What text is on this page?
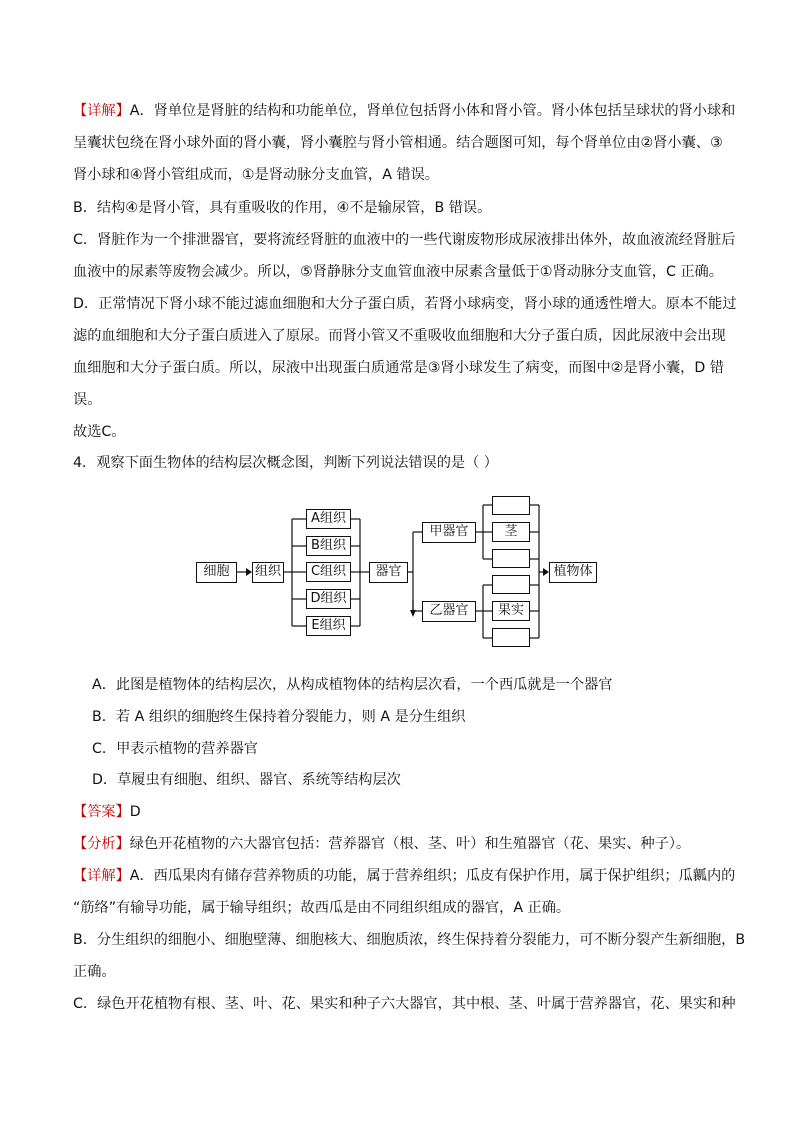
【详解】A．肾单位是肾脏的结构和功能单位，肾单位包括肾小体和肾小管。肾小体包括呈球状的肾小球和
呈囊状包绕在肾小球外面的肾小囊，肾小囊腔与肾小管相通。结合题图可知，每个肾单位由②肾小囊、③
肾小球和④肾小管组成而，①是肾动脉分支血管，A 错误。
B．结构④是肾小管，具有重吸收的作用，④不是输尿管，B 错误。
C．肾脏作为一个排泄器官，要将流经肾脏的血液中的一些代谢废物形成尿液排出体外，故血液流经肾脏后
血液中的尿素等废物会减少。所以，⑤肾静脉分支血管血液中尿素含量低于①肾动脉分支血管，C 正确。
D．正常情况下肾小球不能过滤血细胞和大分子蛋白质，若肾小球病变，肾小球的通透性增大。原本不能过
滤的血细胞和大分子蛋白质进入了原尿。而肾小管又不重吸收血细胞和大分子蛋白质，因此尿液中会出现
血细胞和大分子蛋白质。所以，尿液中出现蛋白质通常是③肾小球发生了病变，而图中②是肾小囊，D 错
误。
故选C。
4．观察下面生物体的结构层次概念图，判断下列说法错误的是（ ）
细胞	组织
A组织
B组织
C组织
D组织
E组织
器官
甲器官
乙器官
茎
果实
植物体
A．此图是植物体的结构层次，从构成植物体的结构层次看，一个西瓜就是一个器官
B．若 A 组织的细胞终生保持着分裂能力，则 A 是分生组织
C．甲表示植物的营养器官
D．草履虫有细胞、组织、器官、系统等结构层次
【答案】D
【分析】绿色开花植物的六大器官包括：营养器官（根、茎、叶）和生殖器官（花、果实、种子）。
【详解】A．西瓜果肉有储存营养物质的功能，属于营养组织；瓜皮有保护作用，属于保护组织；瓜瓤内的
“筋络”有输导功能，属于输导组织；故西瓜是由不同组织组成的器官，A 正确。
B．分生组织的细胞小、细胞壁薄、细胞核大、细胞质浓，终生保持着分裂能力，可不断分裂产生新细胞，B
正确。
C．绿色开花植物有根、茎、叶、花、果实和种子六大器官，其中根、茎、叶属于营养器官，花、果实和种
